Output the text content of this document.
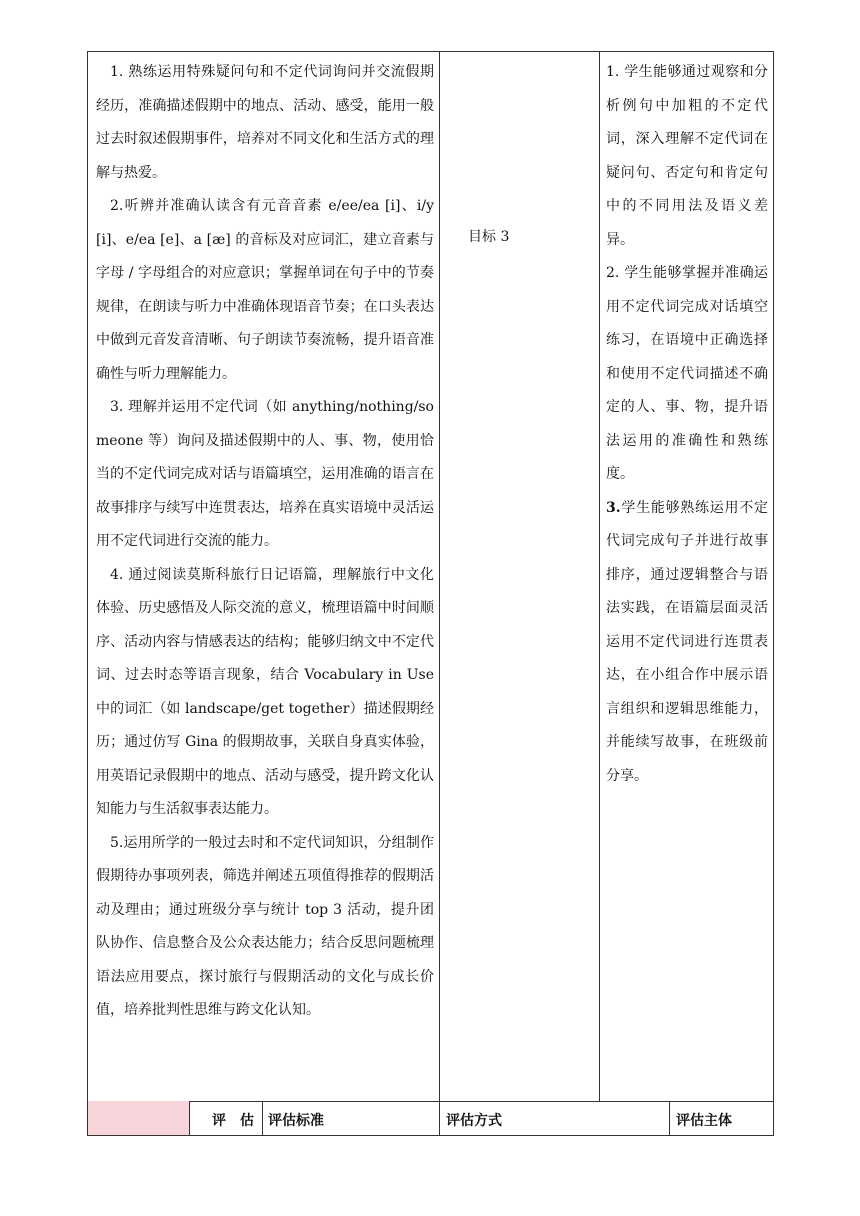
1. 熟练运用特殊疑问句和不定代词询问并交流假期经历，准确描述假期中的地点、活动、感受，能用一般过去时叙述假期事件，培养对不同文化和生活方式的理解与热爱。

2.听辨并准确认读含有元音音素 e/ee/ea [i]、i/y [i]、e/ea [e]、a [æ] 的音标及对应词汇，建立音素与字母 / 字母组合的对应意识；掌握单词在句子中的节奏规律，在朗读与听力中准确体现语音节奏；在口头表达中做到元音发音清晰、句子朗读节奏流畅，提升语音准确性与听力理解能力。

3. 理解并运用不定代词（如 anything/nothing/someone 等）询问及描述假期中的人、事、物，使用恰当的不定代词完成对话与语篇填空，运用准确的语言在故事排序与续写中连贯表达，培养在真实语境中灵活运用不定代词进行交流的能力。

4. 通过阅读莫斯科旅行日记语篇，理解旅行中文化体验、历史感悟及人际交流的意义，梳理语篇中时间顺序、活动内容与情感表达的结构；能够归纳文中不定代词、过去时态等语言现象，结合 Vocabulary in Use 中的词汇（如 landscape/get together）描述假期经历；通过仿写 Gina 的假期故事，关联自身真实体验，用英语记录假期中的地点、活动与感受，提升跨文化认知能力与生活叙事表达能力。

5.运用所学的一般过去时和不定代词知识，分组制作假期待办事项列表，筛选并阐述五项值得推荐的假期活动及理由；通过班级分享与统计 top 3 活动，提升团队协作、信息整合及公众表达能力；结合反思问题梳理语法应用要点，探讨旅行与假期活动的文化与成长价值，培养批判性思维与跨文化认知。

目标 3

1. 学生能够通过观察和分析例句中加粗的不定代词，深入理解不定代词在疑问句、否定句和肯定句中的不同用法及语义差异。

2. 学生能够掌握并准确运用不定代词完成对话填空练习，在语境中正确选择和使用不定代词描述不确定的人、事、物，提升语法运用的准确性和熟练度。

3.学生能够熟练运用不定代词完成句子并进行故事排序，通过逻辑整合与语法实践，在语篇层面灵活运用不定代词进行连贯表达，在小组合作中展示语言组织和逻辑思维能力，并能续写故事，在班级前分享。

评　估 评估标准	评估方式	评估主体
